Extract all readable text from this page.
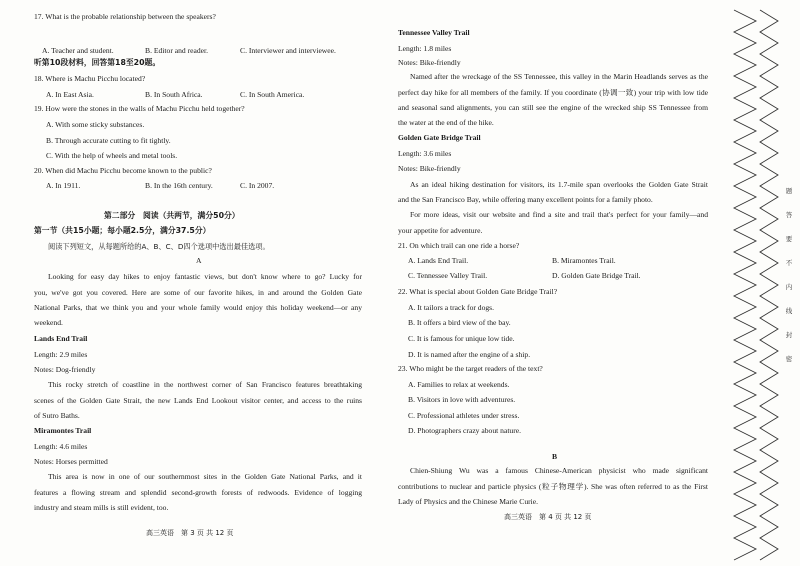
17. What is the probable relationship between the speakers?
A. Teacher and student.	B. Editor and reader.	C. Interviewer and interviewee.
听第10段材料，回答第18至20题。
18. Where is Machu Picchu located?
A. In East Asia.	B. In South Africa.	C. In South America.
19. How were the stones in the walls of Machu Picchu held together?
A. With some sticky substances.
B. Through accurate cutting to fit tightly.
C. With the help of wheels and metal tools.
20. When did Machu Picchu become known to the public?
A. In 1911.	B. In the 16th century.	C. In 2007.
第二部分　阅读（共两节，满分50分）
第一节（共15小题；每小题2.5分，满分37.5分）
阅读下列短文，从每题所给的A、B、C、D四个选项中选出最佳选项。
A
Looking for easy day hikes to enjoy fantastic views, but don't know where to go? Lucky for
you, we've got you covered. Here are some of our favorite hikes, in and around the Golden Gate
National Parks, that we think you and your whole family would enjoy this holiday weekend—or any
weekend.
Lands End Trail
Length: 2.9 miles
Notes: Dog-friendly
This rocky stretch of coastline in the northwest corner of San Francisco features breathtaking
scenes of the Golden Gate Strait, the new Lands End Lookout visitor center, and access to the ruins
of Sutro Baths.
Miramontes Trail
Length: 4.6 miles
Notes: Horses permitted
This area is now in one of our southernmost sites in the Golden Gate National Parks, and it
features a flowing stream and splendid second-growth forests of redwoods. Evidence of logging
industry and steam mills is still evident, too.
高三英语　第 3 页 共 12 页
Tennessee Valley Trail
Length: 1.8 miles
Notes: Bike-friendly
Named after the wreckage of the SS Tennessee, this valley in the Marin Headlands serves as the
perfect day hike for all members of the family. If you coordinate (协调一致) your trip with low tide
and seasonal sand alignments, you can still see the engine of the wrecked ship SS Tennessee from
the water at the end of the hike.
Golden Gate Bridge Trail
Length: 3.6 miles
Notes: Bike-friendly
As an ideal hiking destination for visitors, its 1.7-mile span overlooks the Golden Gate Strait
and the San Francisco Bay, while offering many excellent points for a family photo.
For more ideas, visit our website and find a site and trail that's perfect for your family—and
your appetite for adventure.
21. On which trail can one ride a horse?
A. Lands End Trail.	B. Miramontes Trail.
C. Tennessee Valley Trail.	D. Golden Gate Bridge Trail.
22. What is special about Golden Gate Bridge Trail?
A. It tailors a track for dogs.
B. It offers a bird view of the bay.
C. It is famous for unique low tide.
D. It is named after the engine of a ship.
23. Who might be the target readers of the text?
A. Families to relax at weekends.
B. Visitors in love with adventures.
C. Professional athletes under stress.
D. Photographers crazy about nature.
B
Chien-Shiung Wu was a famous Chinese-American physicist who made significant
contributions to nuclear and particle physics (粒子物理学). She was often referred to as the First
Lady of Physics and the Chinese Marie Curie.
高三英语　第 4 页 共 12 页
题
答
要
不
内
线
封
密
